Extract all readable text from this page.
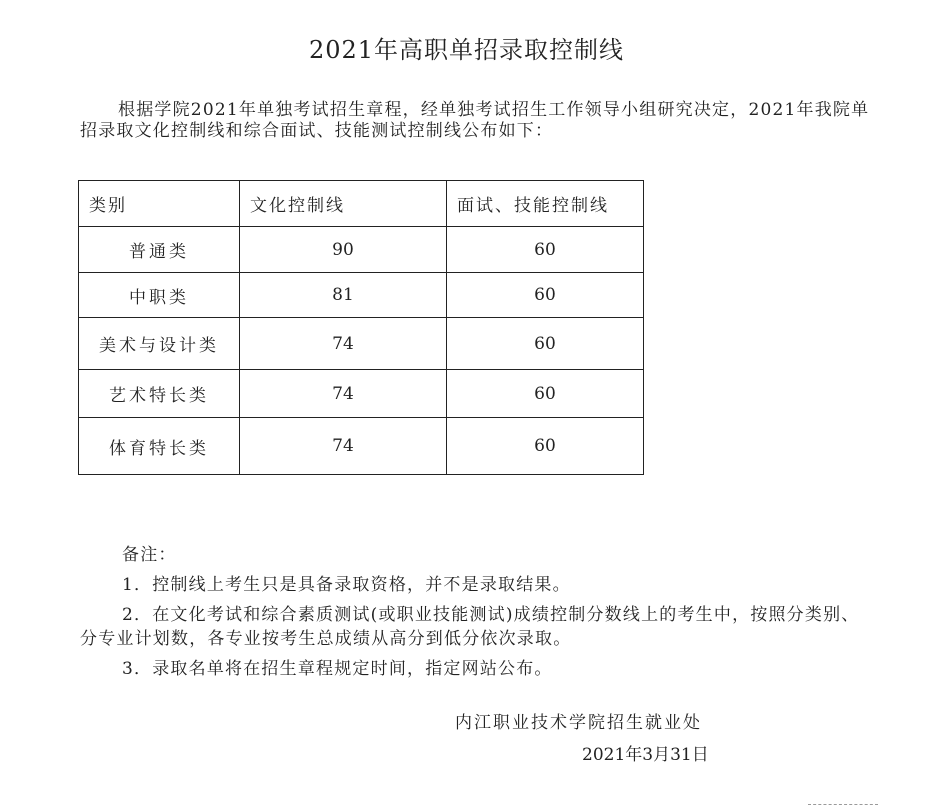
2021年高职单招录取控制线
根据学院2021年单独考试招生章程，经单独考试招生工作领导小组研究决定，2021年我院单招录取文化控制线和综合面试、技能测试控制线公布如下：
类别	文化控制线	面试、技能控制线
普通类	90	60
中职类	81	60
美术与设计类	74	60
艺术特长类	74	60
体育特长类	74	60
备注：
1．控制线上考生只是具备录取资格，并不是录取结果。
2．在文化考试和综合素质测试(或职业技能测试)成绩控制分数线上的考生中，按照分类别、分专业计划数，各专业按考生总成绩从高分到低分依次录取。
3．录取名单将在招生章程规定时间，指定网站公布。
内江职业技术学院招生就业处
2021年3月31日
